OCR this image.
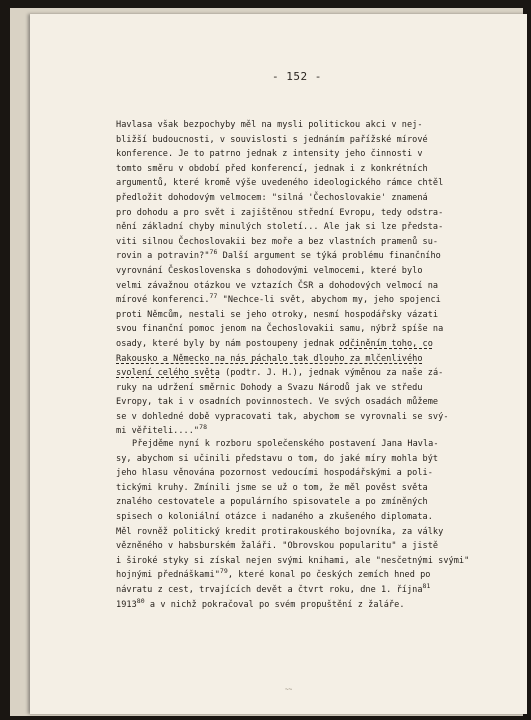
- 152 -
Havlasa však bezpochyby měl na mysli politickou akci v nej-
bližší budoucnosti, v souvislosti s jednáním pařížské mírové
konference. Je to patrno jednak z intensity jeho činnosti v
tomto směru v období před konferencí, jednak i z konkrétních
argumentů, které kromě výše uvedeného ideologického rámce chtěl
předložit dohodovým velmocem: "silná 'Čechoslovakie' znamená
pro dohodu a pro svět i zajištěnou střední Evropu, tedy odstra-
nění základní chyby minulých století... Ale jak si lze předsta-
viti silnou Čechoslovakii bez moře a bez vlastních pramenů su-
rovin a potravin?"$^{76}$ Další argument se týká problému finančního
vyrovnání Československa s dohodovými velmocemi, které bylo
velmi závažnou otázkou ve vztazích ČSR a dohodových velmocí na
mírové konferenci.$^{77}$ "Nechce-li svět, abychom my, jeho spojenci
proti Němcům, nestali se jeho otroky, nesmí hospodářsky vázati
svou finanční pomoc jenom na Čechoslovakii samu, nýbrž spíše na
osady, které byly by nám postoupeny jednak odčiněním toho, co
Rakousko a Německo na nás páchalo tak dlouho za mlčenlivého
svolení celého světa (podtr. J. H.), jednak výměnou za naše zá-
ruky na udržení směrnic Dohody a Svazu Národů jak ve středu
Evropy, tak i v osadních povinnostech. Ve svých osadách můžeme
se v dohledné době vypracovati tak, abychom se vyrovnali se svý-
mi věřiteli...."$^{78}$
Přejděme nyní k rozboru společenského postavení Jana Havla-
sy, abychom si učinili představu o tom, do jaké míry mohla být
jeho hlasu věnována pozornost vedoucími hospodářskými a poli-
tickými kruhy. Zmínili jsme se už o tom, že měl pověst světa
znalého cestovatele a populárního spisovatele a po zmíněných
spisech o koloniální otázce i nadaného a zkušeného diplomata.
Měl rovněž politický kredit protirakouského bojovníka, za války
vězněného v habsburském žaláři. "Obrovskou popularitu" a jistě
i široké styky si získal nejen svými knihami, ale "nesčetnými svými"
hojnými přednáškami"$^{79}$, které konal po českých zemích hned po
návratu z cest, trvajících devět a čtvrt roku, dne 1. října$^{81}$
1913$^{80}$ a v nichž pokračoval po svém propuštění z žaláře.
~~
